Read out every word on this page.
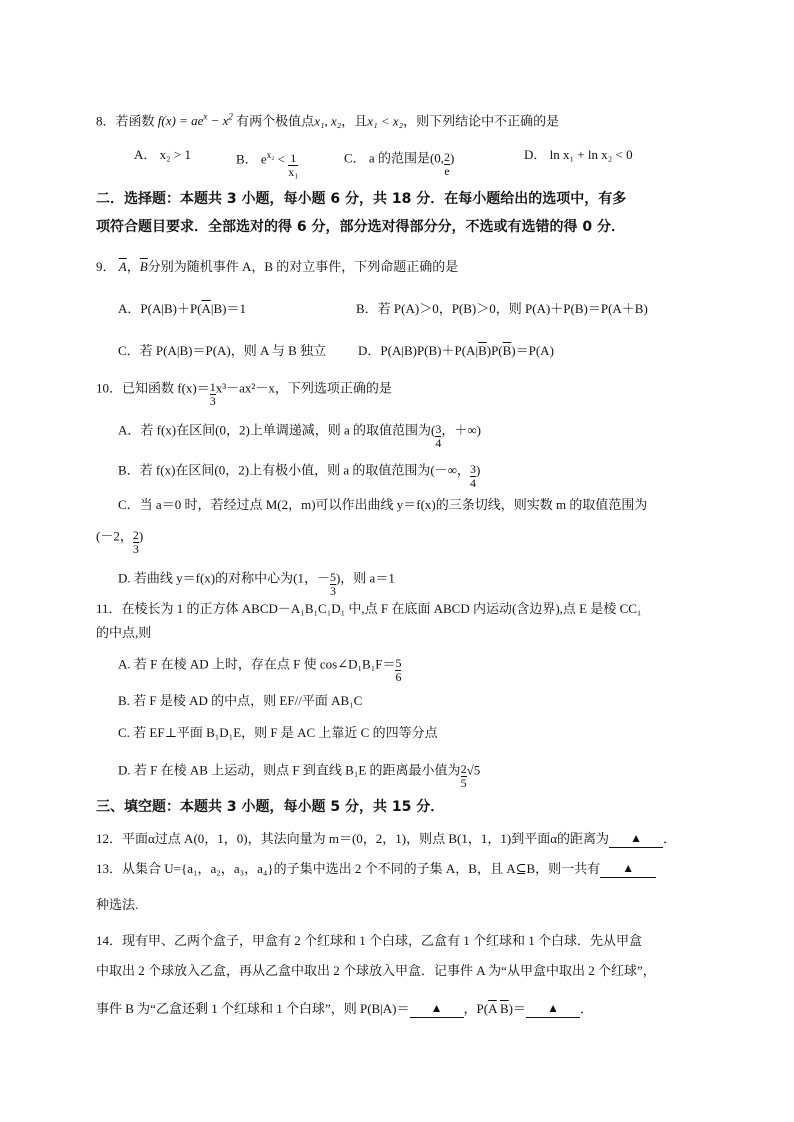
8．若函数 $f(x) = ae^x - x^2$ 有两个极值点x₁, x₂，且x₁ < x₂，则下列结论中不正确的是
A． x₂ > 1	B． $e^{x_2} < \frac{1}{\text{x₁}}$	C． a 的范围是(0, $\frac{2}{e}$ )	D． ln x₁ + ln x₂ < 0
二．选择题：本题共 3 小题，每小题 6 分，共 18 分．在每小题给出的选项中，有多
项符合题目要求．全部选对的得 6 分，部分选对得部分分，不选或有选错的得 0 分．
9． $\overline{A}$，$\overline{B}$分别为随机事件 A，B 的对立事件，下列命题正确的是
A．$P(A|B)+P(\overline{A}|B)=1$	B．若 P(A)＞0，P(B)＞0，则 P(A)＋P(B)＝P(A＋B)
C．若 P(A|B)＝P(A)，则 A 与 B 独立 D．$P(A|B)P(B)+P(A|\overline{B})P(\overline{B})=P(A)$
10．已知函数 $f(x)= \frac{1}{3} x^3-ax^2-x$，下列选项正确的是
A．若 f(x)在区间(0，2)上单调递减，则 a 的取值范围为( $\frac{3}{4}$ ，＋∞)
B．若 f(x)在区间(0，2)上有极小值，则 a 的取值范围为(－∞， $\frac{3}{4}$ )
C．当 a＝0 时，若经过点 M(2，m)可以作出曲线 y＝f(x)的三条切线，则实数 m 的取值范围为
(－2， $\frac{2}{3}$ )
D. 若曲线 y＝f(x)的对称中心为(1，－ $\frac{5}{3}$ )，则 a＝1
11．在棱长为 1 的正方体 ABCD－A₁B₁C₁D₁ 中,点 F 在底面 ABCD 内运动(含边界),点 E 是棱 CC₁
的中点,则
A. 若 F 在棱 AD 上时，存在点 F 使 cos∠D₁B₁F＝ $\frac{5}{6}$
B. 若 F 是棱 AD 的中点，则 EF//平面 AB₁C
C. 若 EF⊥平面 B₁D₁E，则 F 是 AC 上靠近 C 的四等分点
D. 若 F 在棱 AB 上运动，则点 F 到直线 B₁E 的距离最小值为 $\frac{2}{5} √5$
三、填空题：本题共 3 小题，每小题 5 分，共 15 分．
12．平面α过点 A(0，1，0)，其法向量为 m＝(0，2，1)，则点 B(1，1，1)到平面α的距离为 ▲ ．
13．从集合 U={a₁，a₂，a₃，a₄}的子集中选出 2 个不同的子集 A，B，且 A⊆B，则一共有 ▲
种选法.
14．现有甲、乙两个盒子，甲盒有 2 个红球和 1 个白球，乙盒有 1 个红球和 1 个白球．先从甲盒
中取出 2 个球放入乙盒，再从乙盒中取出 2 个球放入甲盒．记事件 A 为“从甲盒中取出 2 个红球”，
事件 B 为“乙盒还剩 1 个红球和 1 个白球”，则 P(B|A)＝ ▲ ，$P(\overline{A}$ $\overline{B})=$ ▲ ．
